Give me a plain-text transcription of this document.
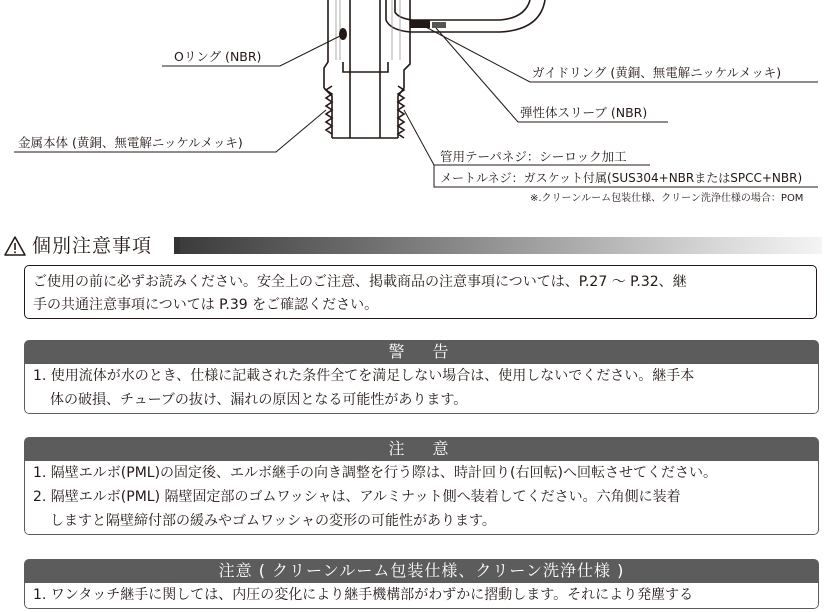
Oリング (NBR)
ガイドリング (黄銅、無電解ニッケルメッキ)
弾性体スリーブ (NBR)
金属本体 (黄銅、無電解ニッケルメッキ)
管用テーパネジ：シーロック加工
メートルネジ：ガスケット付属(SUS304+NBRまたはSPCC+NBR)
※.クリーンルーム包装仕様、クリーン洗浄仕様の場合：POM
個別注意事項
ご使用の前に必ずお読みください。安全上のご注意、掲載商品の注意事項については、P.27 ～ P.32、継
手の共通注意事項については P.39 をご確認ください。
警　告
1. 使用流体が水のとき、仕様に記載された条件全てを満足しない場合は、使用しないでください。継手本
体の破損、チューブの抜け、漏れの原因となる可能性があります。
注　意
1. 隔壁エルボ(PML)の固定後、エルボ継手の向き調整を行う際は、時計回り(右回転)へ回転させてください。
2. 隔壁エルボ(PML) 隔壁固定部のゴムワッシャは、アルミナット側へ装着してください。六角側に装着
しますと隔壁締付部の緩みやゴムワッシャの変形の可能性があります。
注意 ( クリーンルーム包装仕様、クリーン洗浄仕様 )
1. ワンタッチ継手に関しては、内圧の変化により継手機構部がわずかに摺動します。それにより発塵する
